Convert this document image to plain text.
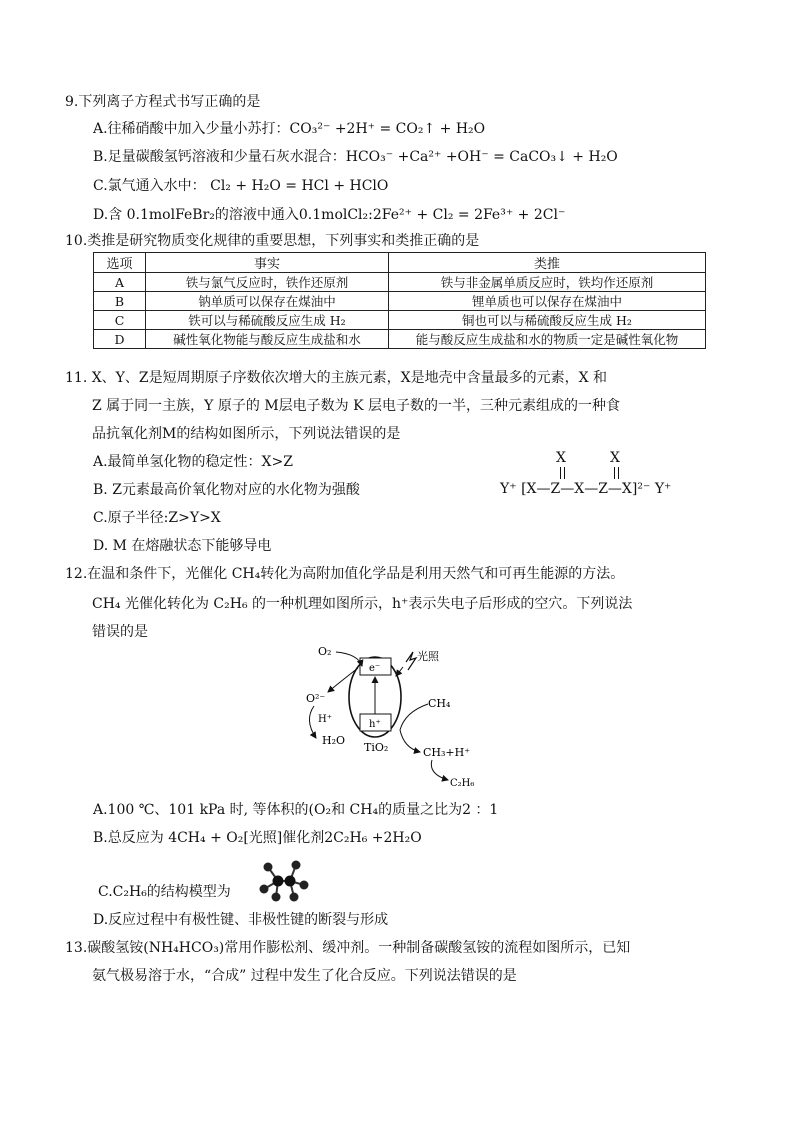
9.下列离子方程式书写正确的是
A.往稀硝酸中加入少量小苏打：CO₃²⁻ +2H⁺ = CO₂↑ + H₂O
B.足量碳酸氢钙溶液和少量石灰水混合：HCO₃⁻ +Ca²⁺ +OH⁻ = CaCO₃↓ + H₂O
C.氯气通入水中： Cl₂ + H₂O = HCl + HClO
D.含 0.1molFeBr₂的溶液中通入0.1molCl₂:2Fe²⁺ + Cl₂ = 2Fe³⁺ + 2Cl⁻
10.类推是研究物质变化规律的重要思想，下列事实和类推正确的是
选项	事实	类推
A	铁与氯气反应时，铁作还原剂	铁与非金属单质反应时，铁均作还原剂
B	钠单质可以保存在煤油中	锂单质也可以保存在煤油中
C	铁可以与稀硫酸反应生成 H₂	铜也可以与稀硫酸反应生成 H₂
D	碱性氧化物能与酸反应生成盐和水	能与酸反应生成盐和水的物质一定是碱性氧化物
11. X、Y、Z是短周期原子序数依次增大的主族元素，X是地壳中含量最多的元素，X 和
Z 属于同一主族，Y 原子的 M层电子数为 K 层电子数的一半，三种元素组成的一种食
品抗氧化剂M的结构如图所示，下列说法错误的是
A.最简单氢化物的稳定性：X>Z
B. Z元素最高价氧化物对应的水化物为强酸
C.原子半径:Z>Y>X
D. M 在熔融状态下能够导电
X	X
Y⁺ [X—Z—X—Z—X]²⁻ Y⁺
12.在温和条件下，光催化 CH₄转化为高附加值化学品是利用天然气和可再生能源的方法。
CH₄ 光催化转化为 C₂H₆ 的一种机理如图所示，h⁺表示失电子后形成的空穴。下列说法
错误的是
e⁻
h⁺
TiO₂
O₂
O²⁻
H⁺
H₂O
光照
CH₄
CH₃+H⁺
C₂H₆
A.100 ℃、101 kPa 时, 等体积的(O₂和 CH₄的质量之比为2 ：1
B.总反应为 4CH₄ + O₂[光照]催化剂2C₂H₆ +2H₂O
C.C₂H₆的结构模型为
D.反应过程中有极性键、非极性键的断裂与形成
13.碳酸氢铵(NH₄HCO₃)常用作膨松剂、缓冲剂。一种制备碳酸氢铵的流程如图所示，已知
氨气极易溶于水，“合成” 过程中发生了化合反应。下列说法错误的是
